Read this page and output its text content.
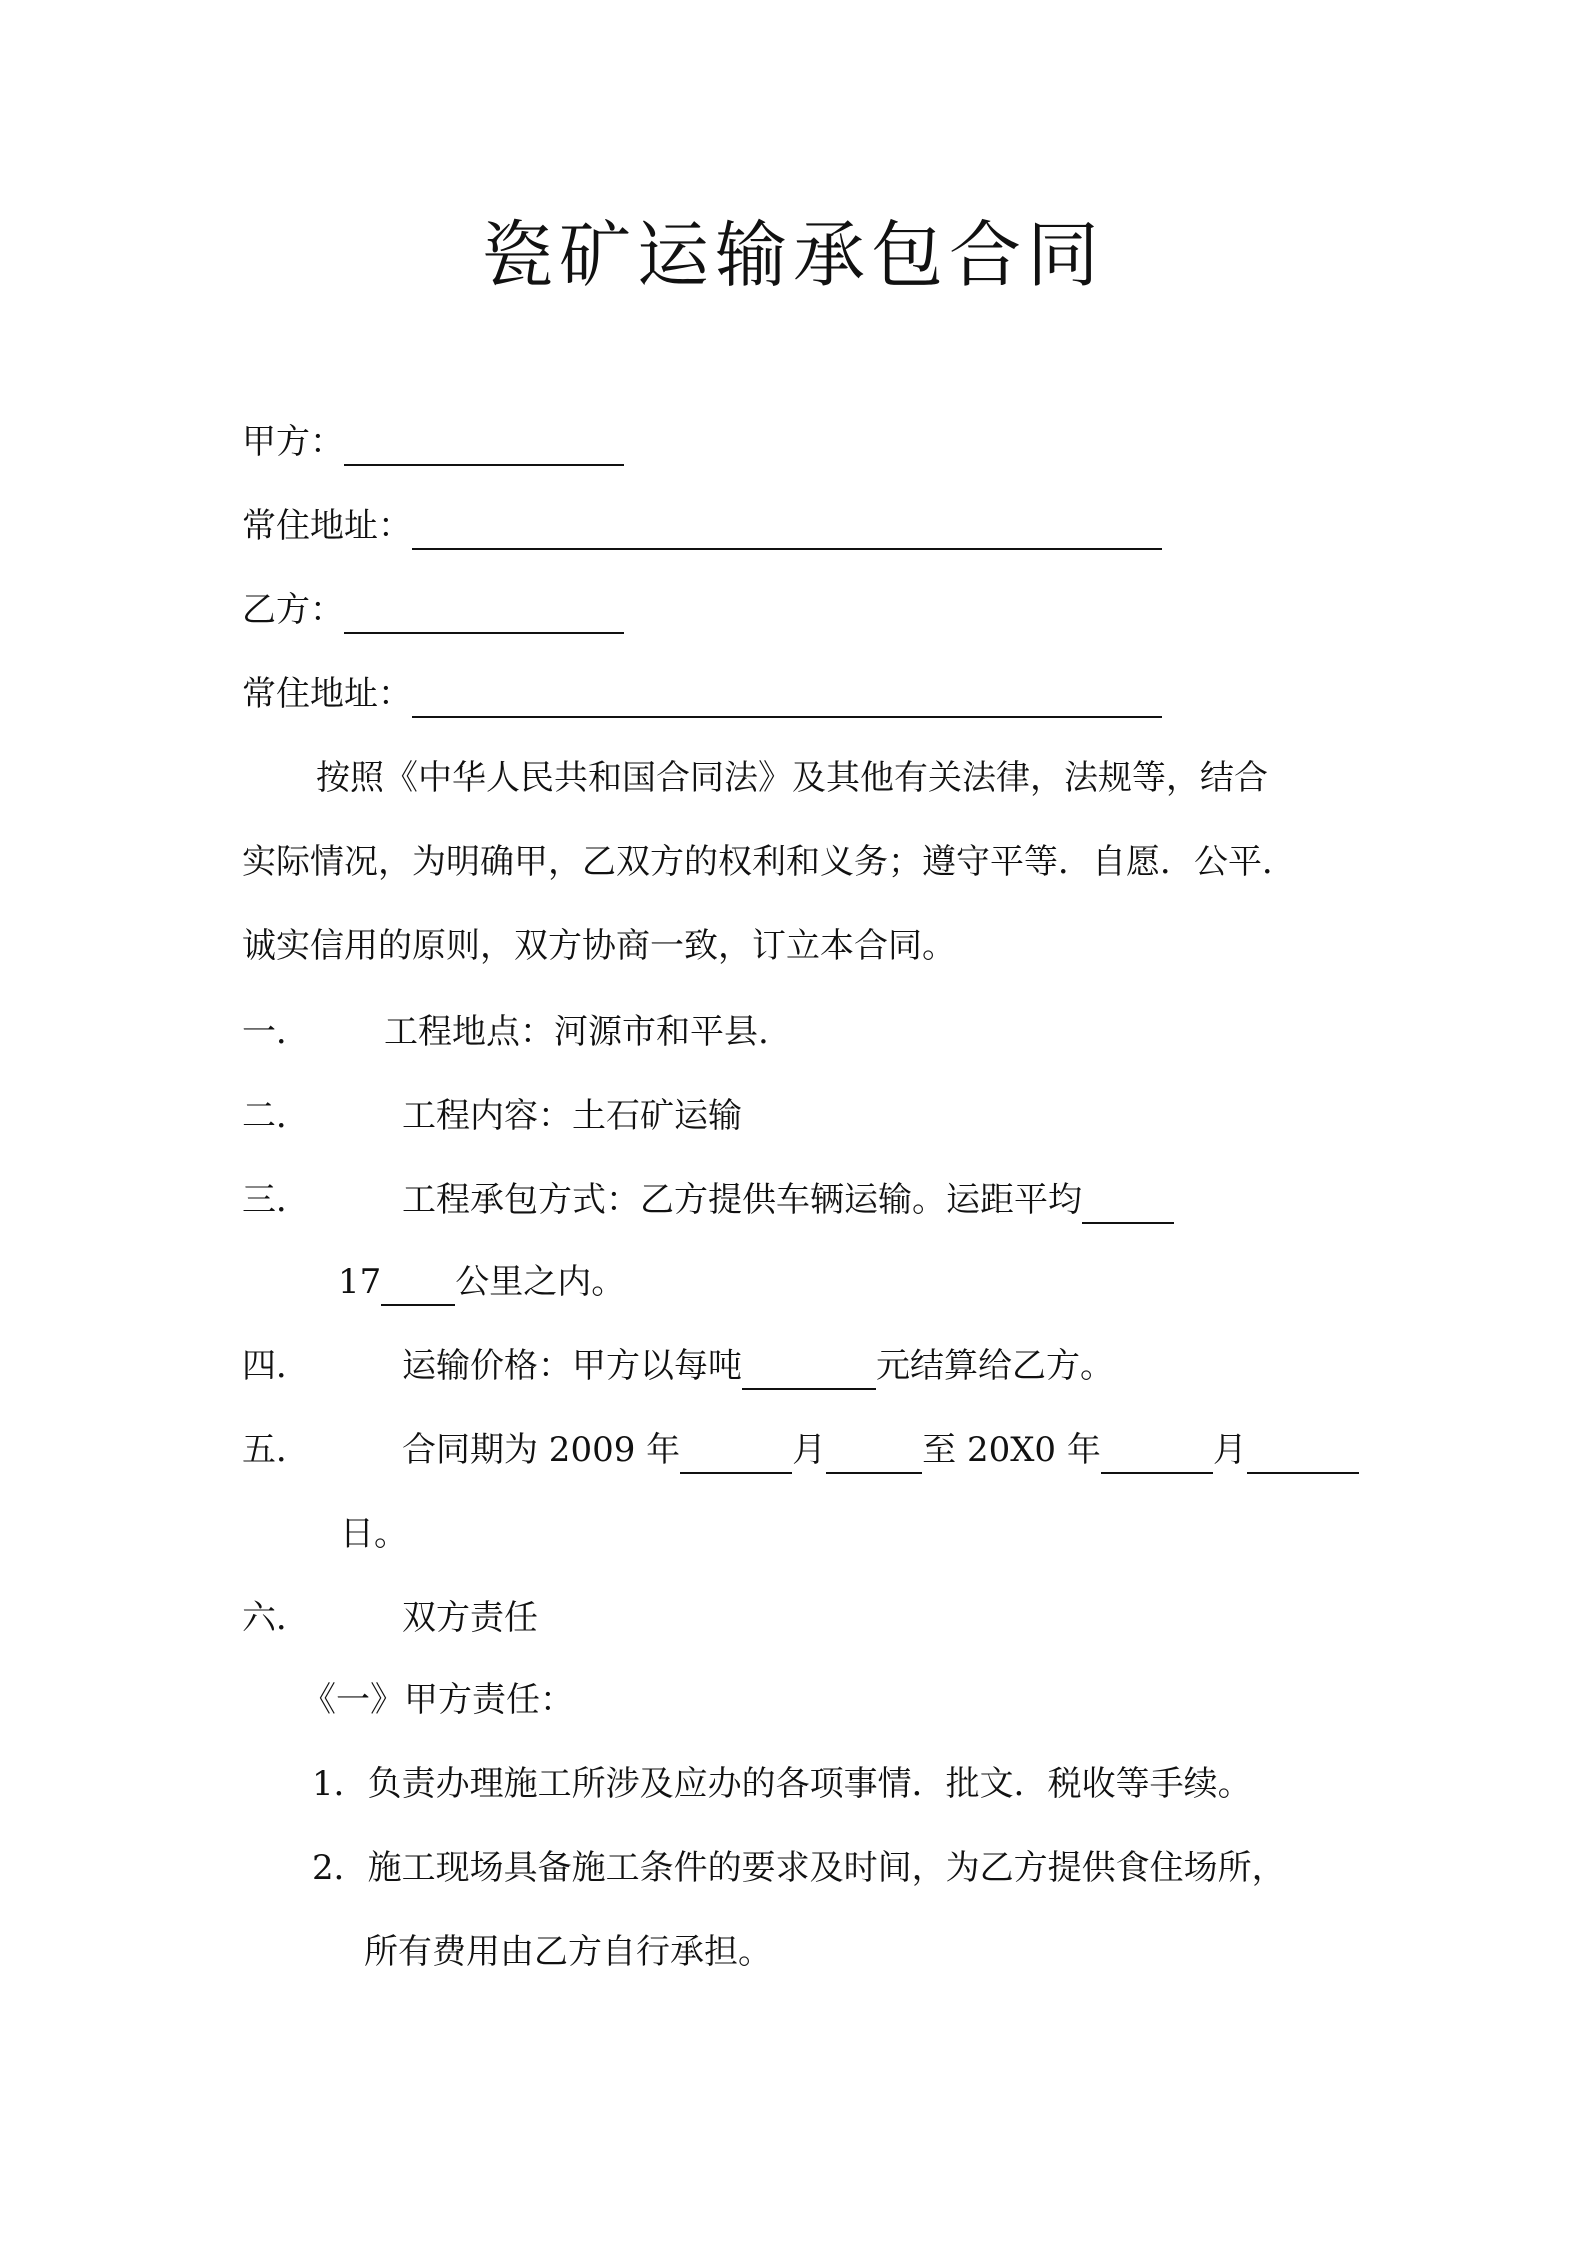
瓷矿运输承包合同
甲方：
常住地址：
乙方：
常住地址：
按照《中华人民共和国合同法》及其他有关法律，法规等，结合
实际情况，为明确甲，乙双方的权利和义务；遵守平等．自愿．公平．
诚实信用的原则，双方协商一致，订立本合同。
一． 工程地点：河源市和平县.
二．	工程内容：土石矿运输
三．	工程承包方式：乙方提供车辆运输。运距平均
17 公里之内。
四．	运输价格：甲方以每吨	元结算给乙方。
五．	合同期为 2009 年	月	至 20X0 年	月
日。
六．	双方责任
《一》甲方责任：
1．负责办理施工所涉及应办的各项事情．批文．税收等手续。
2．施工现场具备施工条件的要求及时间，为乙方提供食住场所，
所有费用由乙方自行承担。
